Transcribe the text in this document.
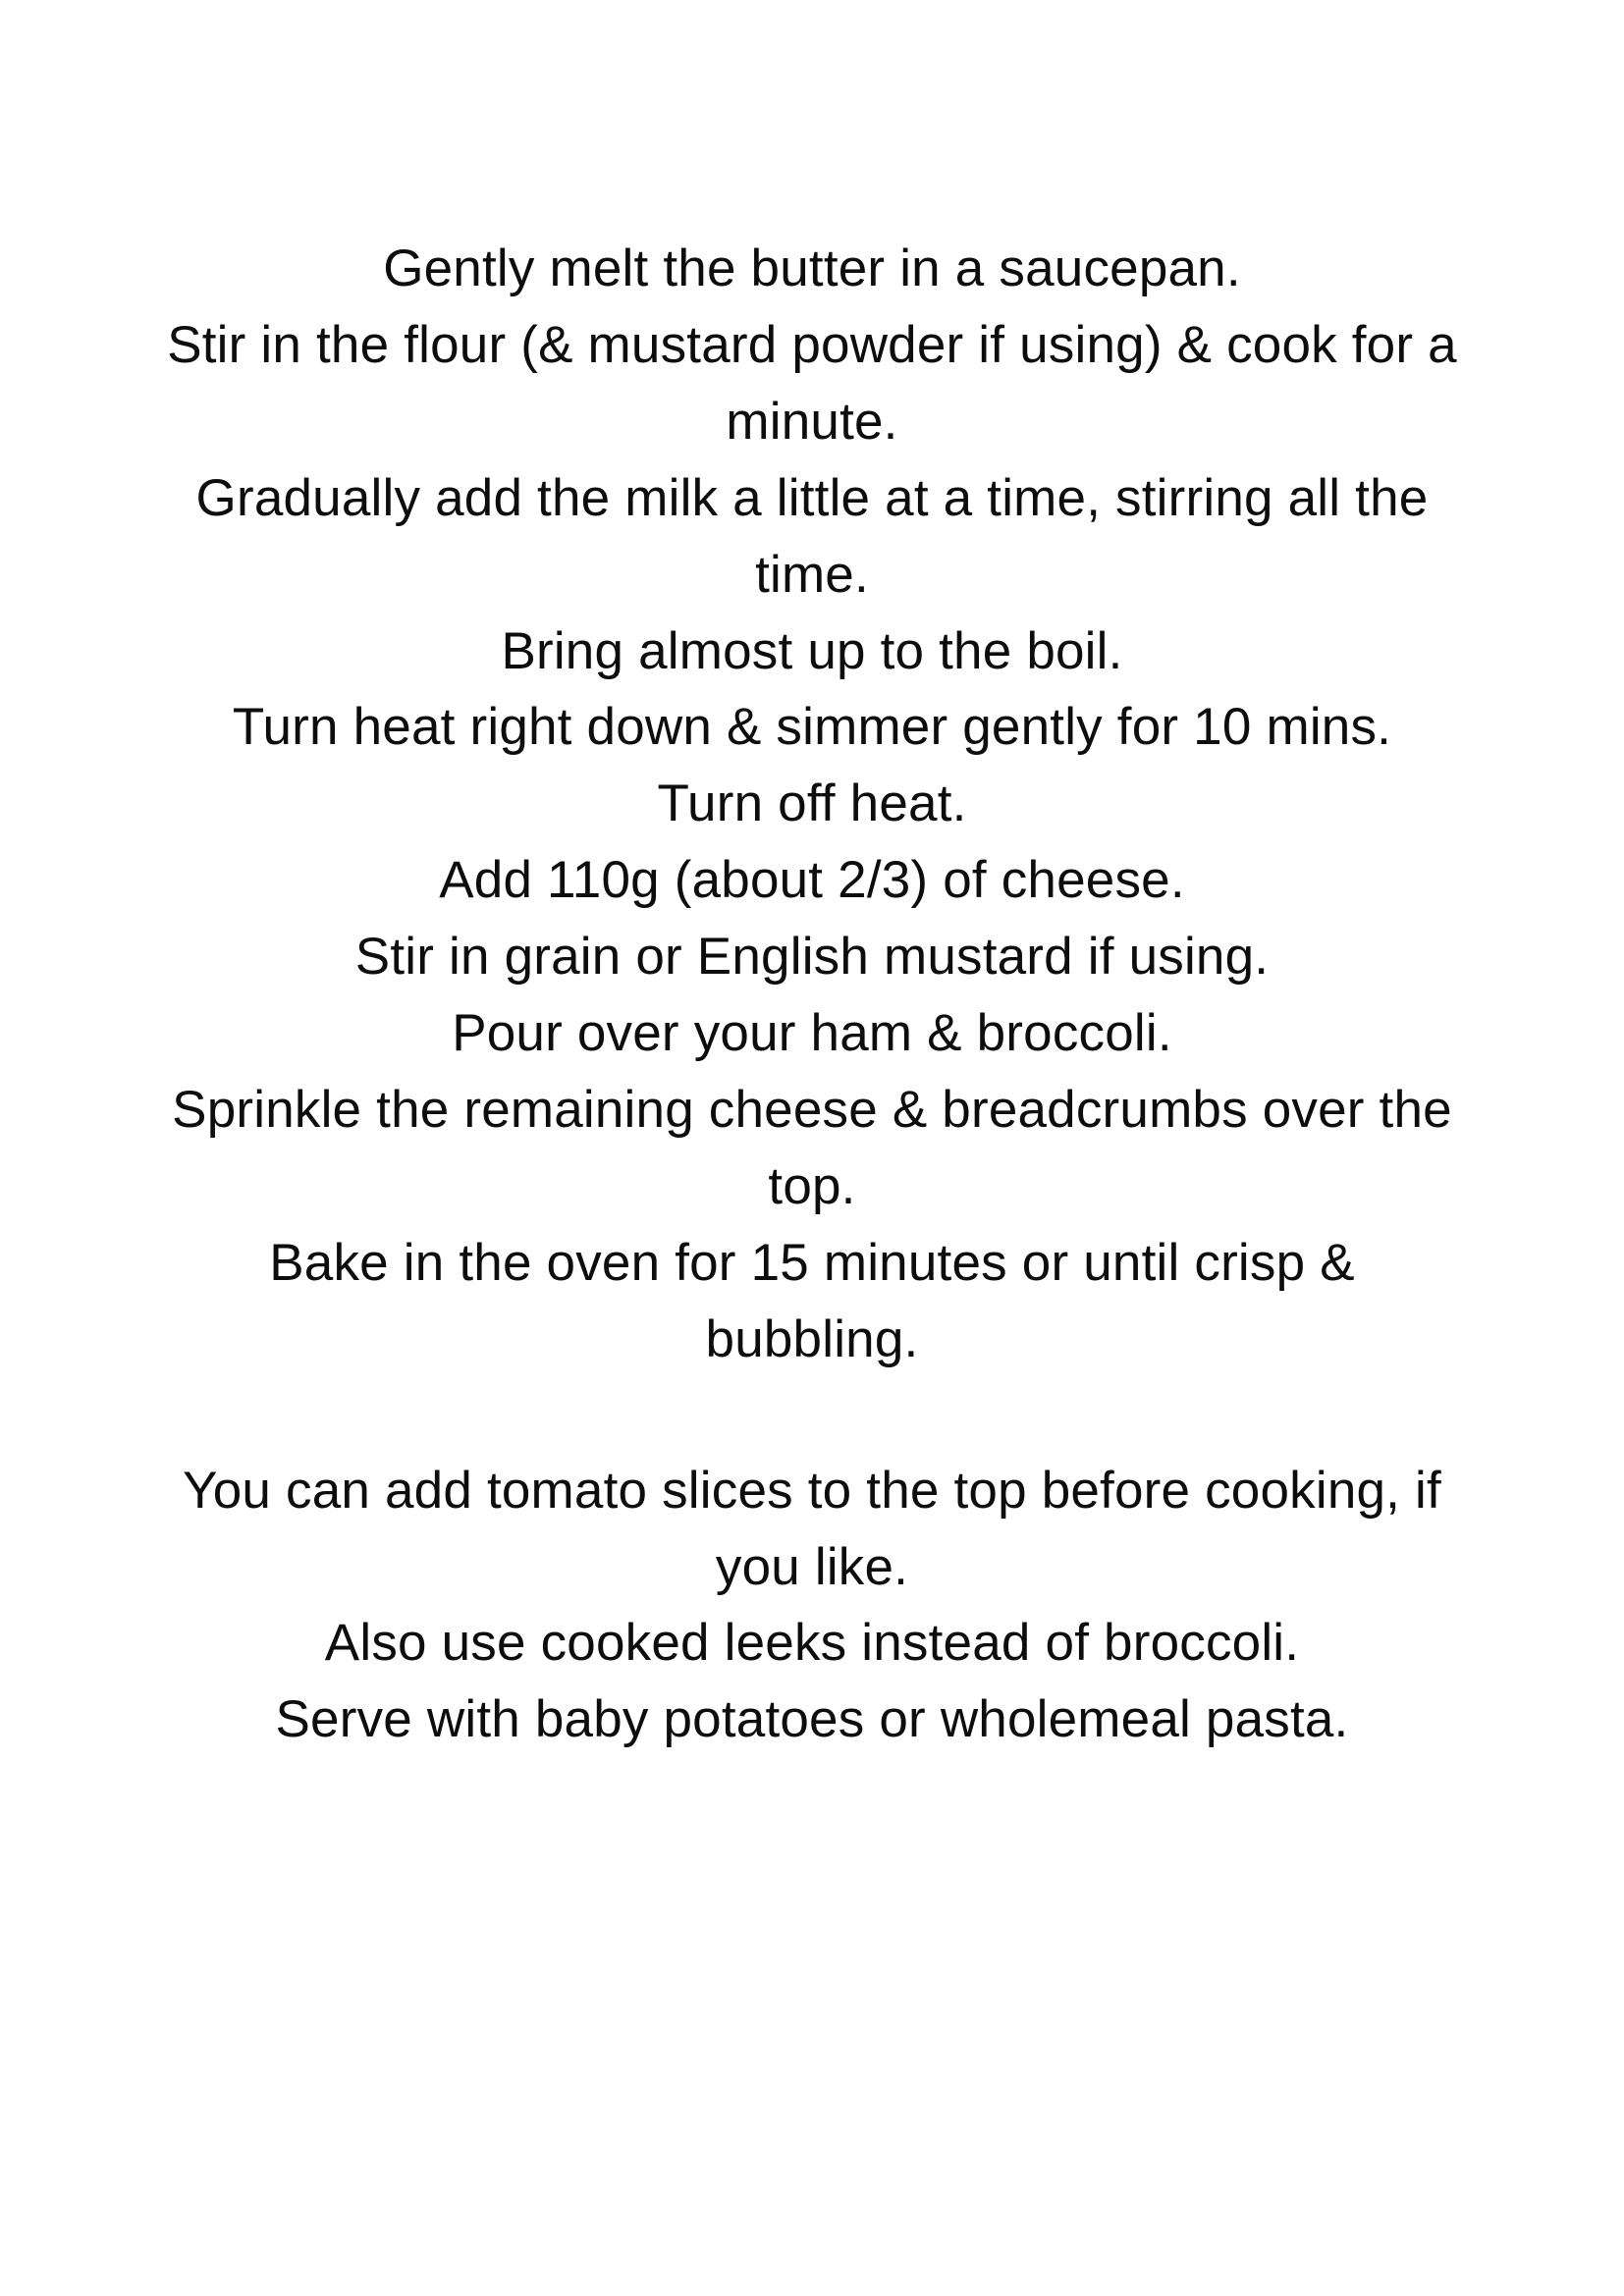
Gently melt the butter in a saucepan.
Stir in the flour (& mustard powder if using) & cook for a minute.
Gradually add the milk a little at a time, stirring all the time.
Bring almost up to the boil.
Turn heat right down & simmer gently for 10 mins.
Turn off heat.
Add 110g (about 2/3) of cheese.
Stir in grain or English mustard if using.
Pour over your ham & broccoli.
Sprinkle the remaining cheese & breadcrumbs over the top.
Bake in the oven for 15 minutes or until crisp & bubbling.
You can add tomato slices to the top before cooking, if you like.
Also use cooked leeks instead of broccoli.
Serve with baby potatoes or wholemeal pasta.
